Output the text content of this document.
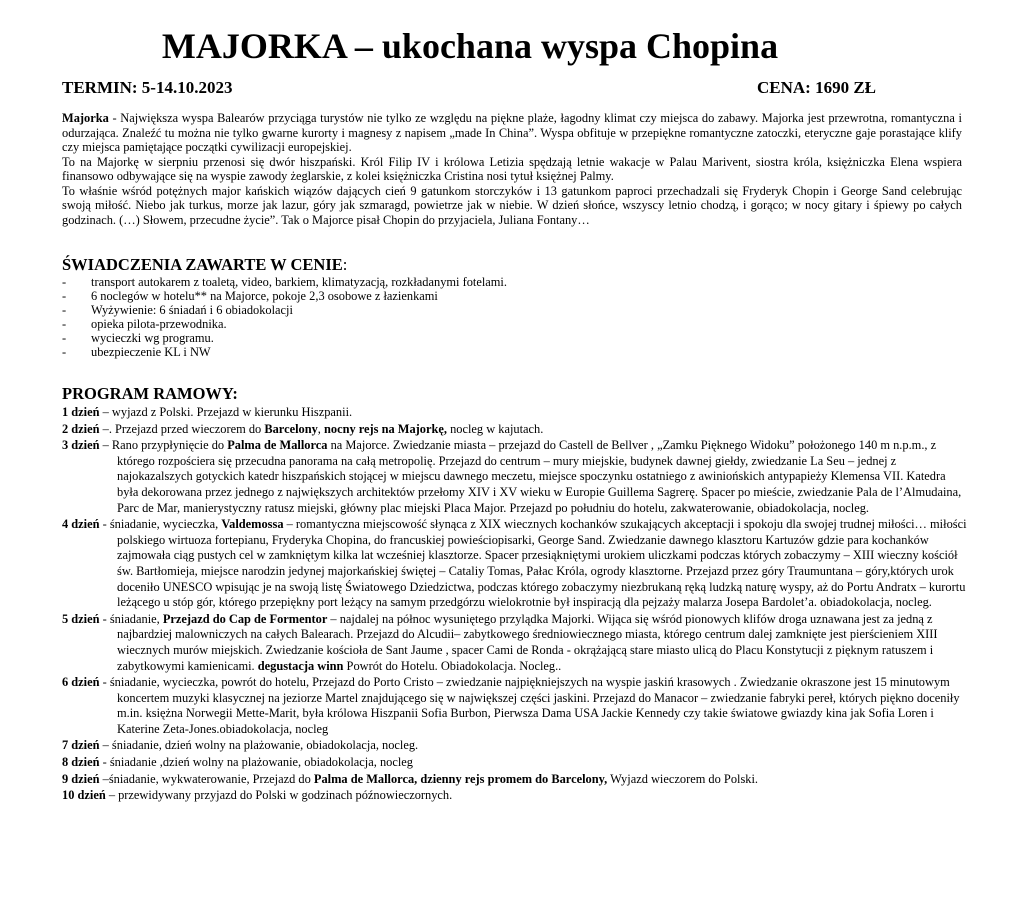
MAJORKA – ukochana wyspa Chopina
TERMIN: 5-14.10.2023	CENA: 1690 ZŁ

Majorka - Największa wyspa Balearów przyciąga turystów nie tylko ze względu na piękne plaże, łagodny klimat czy miejsca do zabawy. Majorka jest przewrotna, romantyczna i odurzająca. Znaleźć tu można nie tylko gwarne kurorty i magnesy z napisem „made In China”. Wyspa obfituje w przepiękne romantyczne zatoczki, eteryczne gaje porastające klify czy miejsca pamiętające początki cywilizacji europejskiej.

To na Majorkę w sierpniu przenosi się dwór hiszpański. Król Filip IV i królowa Letizia spędzają letnie wakacje w Palau Marivent, siostra króla, księżniczka Elena wspiera finansowo odbywające się na wyspie zawody żeglarskie, z kolei księżniczka Cristina nosi tytuł księżnej Palmy.

To właśnie wśród potężnych major kańskich wiązów dających cień 9 gatunkom storczyków i 13 gatunkom paproci przechadzali się Fryderyk Chopin i George Sand celebrując swoją miłość. Niebo jak turkus, morze jak lazur, góry jak szmaragd, powietrze jak w niebie. W dzień słońce, wszyscy letnio chodzą, i gorąco; w nocy gitary i śpiewy po całych godzinach. (…) Słowem, przecudne życie”. Tak o Majorce pisał Chopin do przyjaciela, Juliana Fontany…

ŚWIADCZENIA ZAWARTE W CENIE:
- transport autokarem z toaletą, video, barkiem, klimatyzacją, rozkładanymi fotelami.
- 6 noclegów w hotelu** na Majorce, pokoje 2,3 osobowe z łazienkami
- Wyżywienie: 6 śniadań i 6 obiadokolacji
- opieka pilota-przewodnika.
- wycieczki wg programu.
- ubezpieczenie KL i NW
PROGRAM RAMOWY:
1 dzień – wyjazd z Polski. Przejazd w kierunku Hiszpanii.
2 dzień –. Przejazd przed wieczorem do Barcelony, nocny rejs na Majorkę, nocleg w kajutach.
3 dzień – Rano przypłynięcie do Palma de Mallorca na Majorce. Zwiedzanie miasta – przejazd do Castell de Bellver , „Zamku Pięknego Widoku” położonego 140 m n.p.m., z którego rozpościera się przecudna panorama na całą metropolię. Przejazd do centrum – mury miejskie, budynek dawnej giełdy, zwiedzanie La Seu – jednej z najokazalszych gotyckich katedr hiszpańskich stojącej w miejscu dawnego meczetu, miejsce spoczynku ostatniego z awiniońskich antypapieży Klemensa VII. Katedra była dekorowana przez jednego z największych architektów przełomy XIV i XV wieku w Europie Guillema Sagrerę. Spacer po mieście, zwiedzanie Pala de l’Almudaina, Parc de Mar, manierystyczny ratusz miejski, główny plac miejski Placa Major. Przejazd po południu do hotelu, zakwaterowanie, obiadokolacja, nocleg.
4 dzień - śniadanie, wycieczka, Valdemossa – romantyczna miejscowość słynąca z XIX wiecznych kochanków szukających akceptacji i spokoju dla swojej trudnej miłości… miłości polskiego wirtuoza fortepianu, Fryderyka Chopina, do francuskiej powieściopisarki, George Sand. Zwiedzanie dawnego klasztoru Kartuzów gdzie para kochanków zajmowała ciąg pustych cel w zamkniętym kilka lat wcześniej klasztorze. Spacer przesiąkniętymi urokiem uliczkami podczas których zobaczymy – XIII wieczny kościół św. Bartłomieja, miejsce narodzin jedynej majorkańskiej świętej – Cataliy Tomas, Pałac Króla, ogrody klasztorne. Przejazd przez góry Traumuntana – góry,których urok doceniło UNESCO wpisując je na swoją listę Światowego Dziedzictwa, podczas którego zobaczymy niezbrukaną ręką ludzką naturę wyspy, aż do Portu Andratx – kurortu leżącego u stóp gór, którego przepiękny port leżący na samym przedgórzu wielokrotnie był inspiracją dla pejzaży malarza Josepa Bardolet’a. obiadokolacja, nocleg.
5 dzień - śniadanie, Przejazd do Cap de Formentor – najdalej na północ wysuniętego przylądka Majorki. Wijąca się wśród pionowych klifów droga uznawana jest za jedną z najbardziej malowniczych na całych Balearach. Przejazd do Alcudii– zabytkowego średniowiecznego miasta, którego centrum dalej zamknięte jest pierścieniem XIII wiecznych murów miejskich. Zwiedzanie kościoła de Sant Jaume , spacer Cami de Ronda - okrążającą stare miasto ulicą do Placu Konstytucji z pięknym ratuszem i zabytkowymi kamienicami. degustacja winn Powrót do Hotelu. Obiadokolacja. Nocleg..
6 dzień - śniadanie, wycieczka, powrót do hotelu, Przejazd do Porto Cristo – zwiedzanie najpiękniejszych na wyspie jaskiń krasowych . Zwiedzanie okraszone jest 15 minutowym koncertem muzyki klasycznej na jeziorze Martel znajdującego się w największej części jaskini. Przejazd do Manacor – zwiedzanie fabryki pereł, których piękno doceniły m.in. księżna Norwegii Mette-Marit, była królowa Hiszpanii Sofia Burbon, Pierwsza Dama USA Jackie Kennedy czy takie światowe gwiazdy kina jak Sofia Loren i Katerine Zeta-Jones.obiadokolacja, nocleg
7 dzień – śniadanie, dzień wolny na plażowanie, obiadokolacja, nocleg.
8 dzień - śniadanie ,dzień wolny na plażowanie, obiadokolacja, nocleg
9 dzień –śniadanie, wykwaterowanie, Przejazd do Palma de Mallorca, dzienny rejs promem do Barcelony, Wyjazd wieczorem do Polski.
10 dzień – przewidywany przyjazd do Polski w godzinach późnowieczornych.
